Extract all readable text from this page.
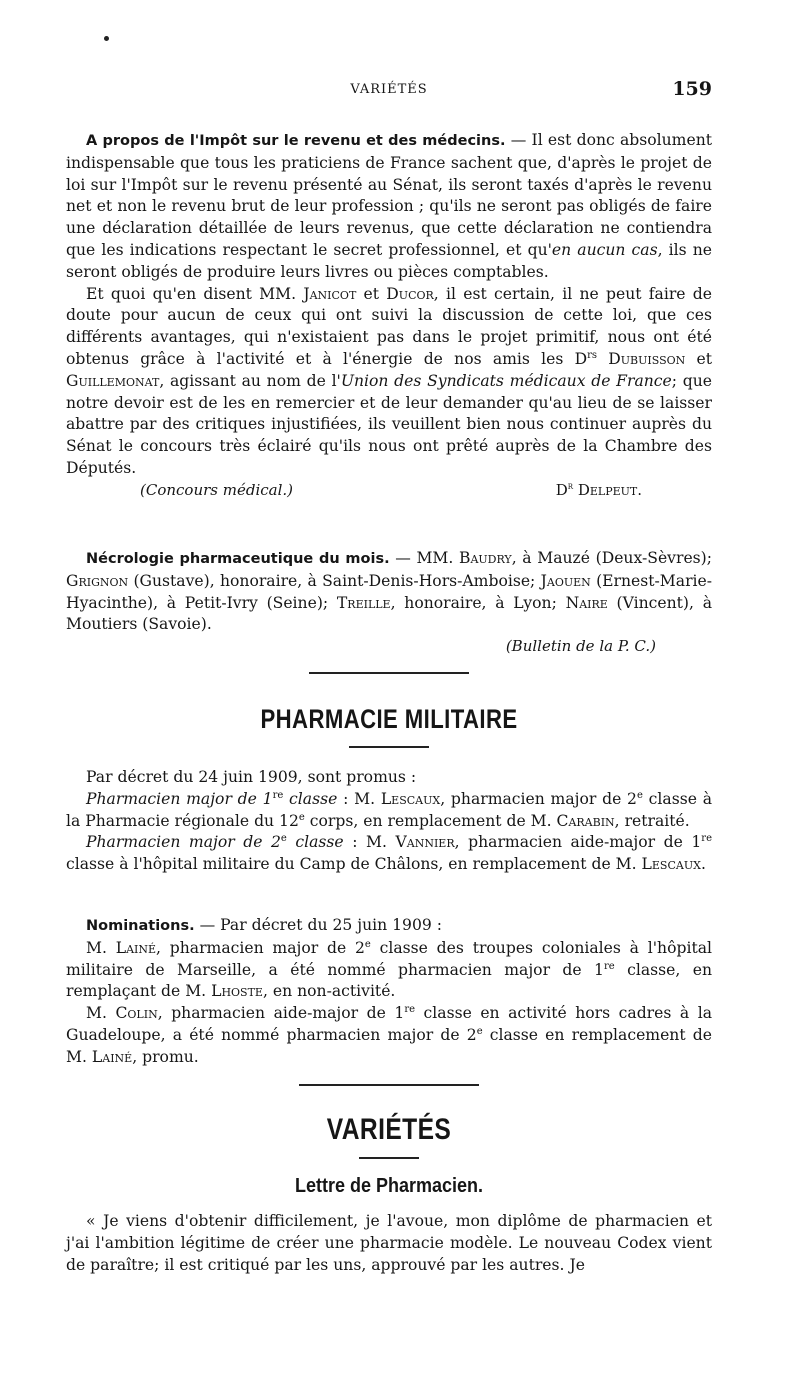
VARIÉTÉS	159

A propos de l'Impôt sur le revenu et des médecins. — Il est donc absolument indispensable que tous les praticiens de France sachent que, d'après le projet de loi sur l'Impôt sur le revenu présenté au Sénat, ils seront taxés d'après le revenu net et non le revenu brut de leur profession ; qu'ils ne seront pas obligés de faire une déclaration détaillée de leurs revenus, que cette déclaration ne contiendra que les indications respectant le secret professionnel, et qu'en aucun cas, ils ne seront obligés de produire leurs livres ou pièces comptables.

Et quoi qu'en disent MM. Janicot et Ducor, il est certain, il ne peut faire de doute pour aucun de ceux qui ont suivi la discussion de cette loi, que ces différents avantages, qui n'existaient pas dans le projet primitif, nous ont été obtenus grâce à l'activité et à l'énergie de nos amis les $D^{rs}$ Dubuisson et Guillemonat, agissant au nom de l'Union des Syndicats médicaux de France; que notre devoir est de les en remercier et de leur demander qu'au lieu de se laisser abattre par des critiques injustifiées, ils veuillent bien nous continuer auprès du Sénat le concours très éclairé qu'ils nous ont prêté auprès de la Chambre des Députés.

(Concours médical.)	$D^r$ Delpeut.

Nécrologie pharmaceutique du mois. — MM. Baudry, à Mauzé (Deux-Sèvres); Grignon (Gustave), honoraire, à Saint-Denis-Hors-Amboise; Jaouen (Ernest-Marie-Hyacinthe), à Petit-Ivry (Seine); Treille, honoraire, à Lyon; Naire (Vincent), à Moutiers (Savoie).

(Bulletin de la P. C.)
PHARMACIE MILITAIRE

Par décret du 24 juin 1909, sont promus :

Pharmacien major de 1re classe : M. Lescaux, pharmacien major de 2e classe à la Pharmacie régionale du 12e corps, en remplacement de M. Carabin, retraité.

Pharmacien major de 2e classe : M. Vannier, pharmacien aide-major de 1re classe à l'hôpital militaire du Camp de Châlons, en remplacement de M. Lescaux.

Nominations. — Par décret du 25 juin 1909 :

M. Lainé, pharmacien major de 2e classe des troupes coloniales à l'hôpital militaire de Marseille, a été nommé pharmacien major de 1re classe, en remplaçant de M. Lhoste, en non-activité.

M. Colin, pharmacien aide-major de 1re classe en activité hors cadres à la Guadeloupe, a été nommé pharmacien major de 2e classe en remplacement de M. Lainé, promu.

VARIÉTÉS
Lettre de Pharmacien.

« Je viens d'obtenir difficilement, je l'avoue, mon diplôme de pharmacien et j'ai l'ambition légitime de créer une pharmacie modèle. Le nouveau Codex vient de paraître; il est critiqué par les uns, approuvé par les autres. Je
